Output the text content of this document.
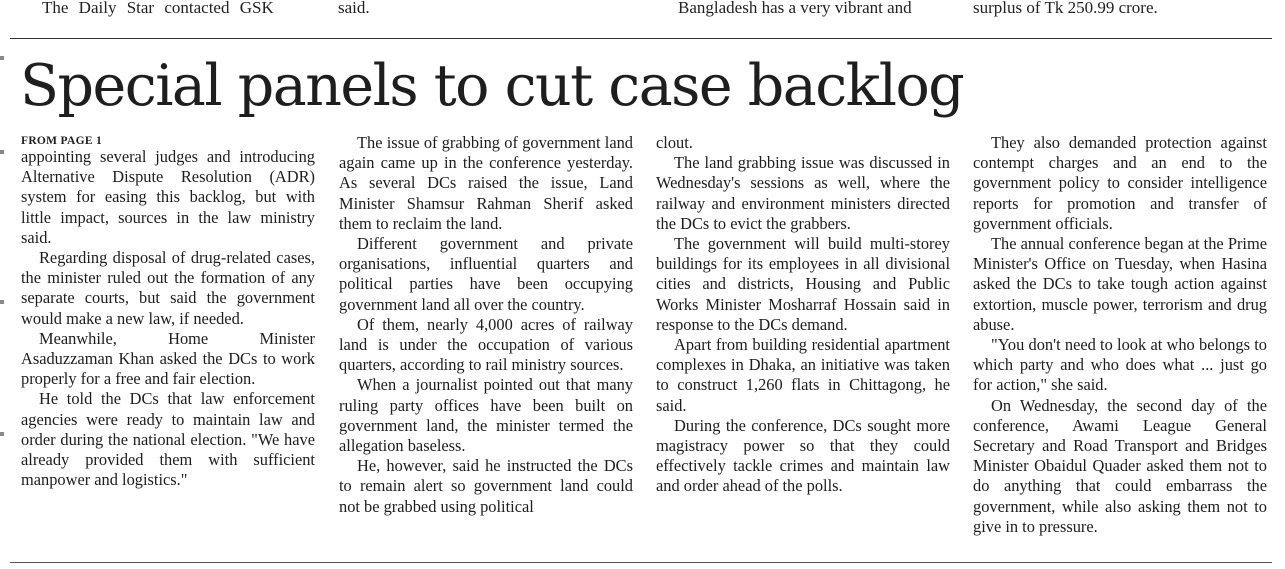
The Daily Star contacted GSK	said.	Bangladesh has a very vibrant and	surplus of Tk 250.99 crore.
Special panels to cut case backlog
FROM PAGE 1

appointing several judges and introducing Alternative Dispute Resolution (ADR) system for easing this backlog, but with little impact, sources in the law ministry said.

Regarding disposal of drug-related cases, the minister ruled out the formation of any separate courts, but said the government would make a new law, if needed.

Meanwhile, Home Minister Asaduzzaman Khan asked the DCs to work properly for a free and fair election.

He told the DCs that law enforcement agencies were ready to maintain law and order during the national election. "We have already provided them with sufficient manpower and logistics."

The issue of grabbing of government land again came up in the conference yesterday. As several DCs raised the issue, Land Minister Shamsur Rahman Sherif asked them to reclaim the land.

Different government and private organisations, influential quarters and political parties have been occupying government land all over the country.

Of them, nearly 4,000 acres of railway land is under the occupation of various quarters, according to rail ministry sources.

When a journalist pointed out that many ruling party offices have been built on government land, the minister termed the allegation baseless.

He, however, said he instructed the DCs to remain alert so government land could not be grabbed using political

clout.

The land grabbing issue was discussed in Wednesday's sessions as well, where the railway and environment ministers directed the DCs to evict the grabbers.

The government will build multi-storey buildings for its employees in all divisional cities and districts, Housing and Public Works Minister Mosharraf Hossain said in response to the DCs demand.

Apart from building residential apartment complexes in Dhaka, an initiative was taken to construct 1,260 flats in Chittagong, he said.

During the conference, DCs sought more magistracy power so that they could effectively tackle crimes and maintain law and order ahead of the polls.

They also demanded protection against contempt charges and an end to the government policy to consider intelligence reports for promotion and transfer of government officials.

The annual conference began at the Prime Minister's Office on Tuesday, when Hasina asked the DCs to take tough action against extortion, muscle power, terrorism and drug abuse.

"You don't need to look at who belongs to which party and who does what ... just go for action," she said.

On Wednesday, the second day of the conference, Awami League General Secretary and Road Transport and Bridges Minister Obaidul Quader asked them not to do anything that could embarrass the government, while also asking them not to give in to pressure.
